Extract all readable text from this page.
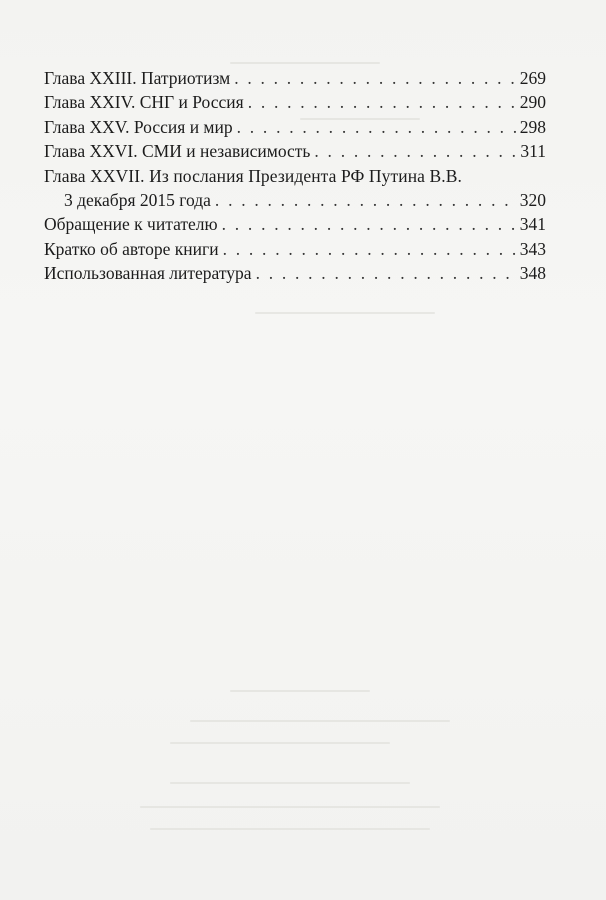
Глава XXIII. Патриотизм . . .	269
Глава XXIV. СНГ и Россия . . .	290
Глава XXV. Россия и мир . . .	298
Глава XXVI. СМИ и независимость . . .	311
Глава XXVII. Из послания Президента РФ Путина В.В.
3 декабря 2015 года . . .	320
Обращение к читателю . . .	341
Кратко об авторе книги . . .	343
Использованная литература . . .	348
